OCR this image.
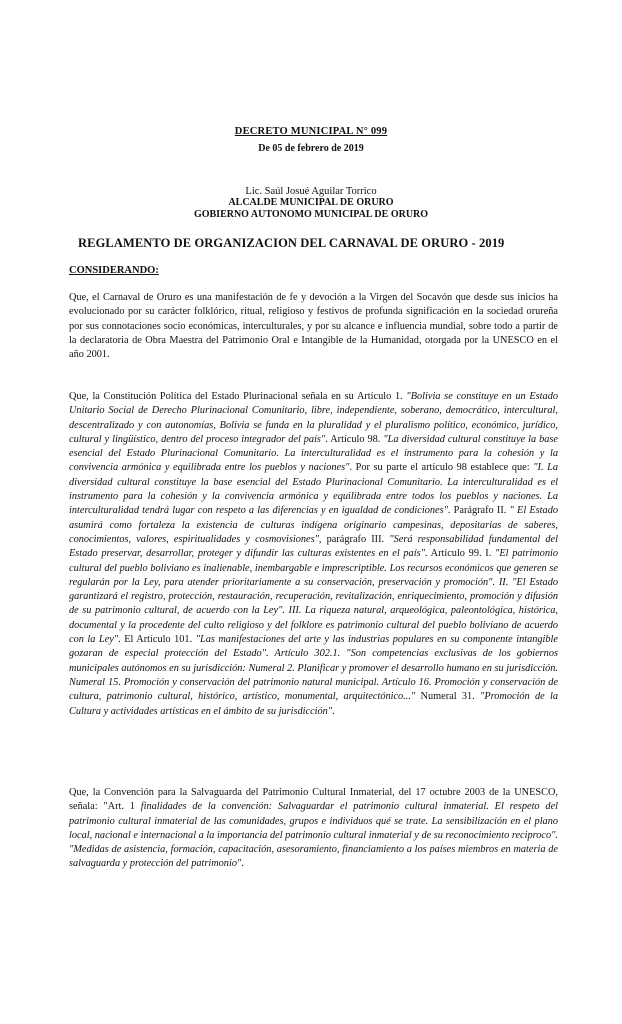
DECRETO MUNICIPAL N° 099
De 05 de febrero de 2019
Lic. Saúl Josué Aguilar Torrico
ALCALDE MUNICIPAL DE ORURO
GOBIERNO AUTONOMO MUNICIPAL DE ORURO
REGLAMENTO DE ORGANIZACION DEL CARNAVAL DE ORURO - 2019
CONSIDERANDO:

Que, el Carnaval de Oruro es una manifestación de fe y devoción a la Virgen del Socavón que desde sus inicios ha evolucionado por su carácter folklórico, ritual, religioso y festivos de profunda significación en la sociedad orureña por sus connotaciones socio económicas, interculturales, y por su alcance e influencia mundial, sobre todo a partir de la declaratoria de Obra Maestra del Patrimonio Oral e Intangible de la Humanidad, otorgada por la UNESCO en el año 2001.

Que, la Constitución Política del Estado Plurinacional señala en su Artículo 1. "Bolivia se constituye en un Estado Unitario Social de Derecho Plurinacional Comunitario, libre, independiente, soberano, democrático, intercultural, descentralizado y con autonomías, Bolivia se funda en la pluralidad y el pluralismo político, económico, jurídico, cultural y lingüístico, dentro del proceso integrador del país". Artículo 98. "La diversidad cultural constituye la base esencial del Estado Plurinacional Comunitario. La interculturalidad es el instrumento para la cohesión y la convivencia armónica y equilibrada entre los pueblos y naciones". Por su parte el artículo 98 establece que: "I. La diversidad cultural constituye la base esencial del Estado Plurinacional Comunitario. La interculturalidad es el instrumento para la cohesión y la convivencia armónica y equilibrada entre todos los pueblos y naciones. La interculturalidad tendrá lugar con respeto a las diferencias y en igualdad de condiciones". Parágrafo II. " El Estado asumirá como fortaleza la existencia de culturas indígena originario campesinas, depositarias de saberes, conocimientos, valores, espiritualidades y cosmovisiones", parágrafo III. "Será responsabilidad fundamental del Estado preservar, desarrollar, proteger y difundir las culturas existentes en el país". Artículo 99. I. "El patrimonio cultural del pueblo boliviano es inalienable, inembargable e imprescriptible. Los recursos económicos que generen se regularán por la Ley, para atender prioritariamente a su conservación, preservación y promoción". II. "El Estado garantizará el registro, protección, restauración, recuperación, revitalización, enriquecimiento, promoción y difusión de su patrimonio cultural, de acuerdo con la Ley". III. La riqueza natural, arqueológica, paleontológica, histórica, documental y la procedente del culto religioso y del folklore es patrimonio cultural del pueblo boliviano de acuerdo con la Ley". El Artículo 101. "Las manifestaciones del arte y las industrias populares en su componente intangible gozaran de especial protección del Estado". Artículo 302.1. "Son competencias exclusivas de los gobiernos municipales autónomos en su jurisdicción: Numeral 2. Planificar y promover el desarrollo humano en su jurisdicción. Numeral 15. Promoción y conservación del patrimonio natural municipal. Artículo 16. Promoción y conservación de cultura, patrimonio cultural, histórico, artístico, monumental, arquitectónico..." Numeral 31. "Promoción de la Cultura y actividades artísticas en el ámbito de su jurisdicción".

Que, la Convención para la Salvaguarda del Patrimonio Cultural Inmaterial, del 17 octubre 2003 de la UNESCO, señala: "Art. 1 finalidades de la convención: Salvaguardar el patrimonio cultural inmaterial. El respeto del patrimonio cultural inmaterial de las comunidades, grupos e individuos qué se trate. La sensibilización en el plano local, nacional e internacional a la importancia del patrimonio cultural inmaterial y de su reconocimiento reciproco". "Medidas de asistencia, formación, capacitación, asesoramiento, financiamiento a los países miembros en materia de salvaguarda y protección del patrimonio".
